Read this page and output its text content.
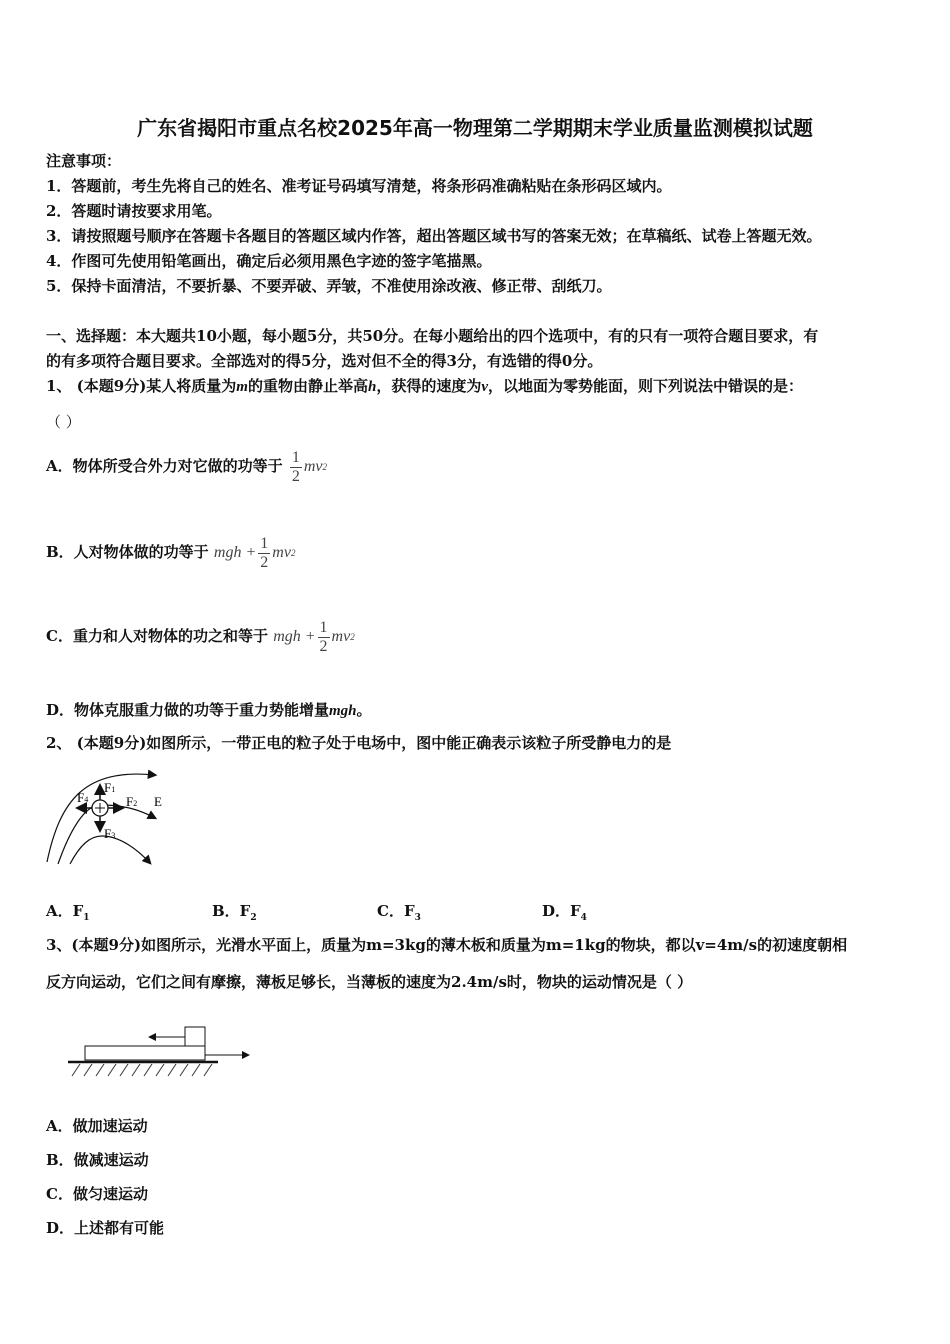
广东省揭阳市重点名校2025年高一物理第二学期期末学业质量监测模拟试题
注意事项：
1．答题前，考生先将自己的姓名、准考证号码填写清楚，将条形码准确粘贴在条形码区域内。
2．答题时请按要求用笔。
3．请按照题号顺序在答题卡各题目的答题区域内作答，超出答题区域书写的答案无效；在草稿纸、试卷上答题无效。
4．作图可先使用铅笔画出，确定后必须用黑色字迹的签字笔描黑。
5．保持卡面清洁，不要折暴、不要弄破、弄皱，不准使用涂改液、修正带、刮纸刀。
一、选择题：本大题共10小题，每小题5分，共50分。在每小题给出的四个选项中，有的只有一项符合题目要求，有
的有多项符合题目要求。全部选对的得5分，选对但不全的得3分，有选错的得0分。
1、 (本题9分)某人将质量为m的重物由静止举高h，获得的速度为v，以地面为零势能面，则下列说法中错误的是：
（ ）
A．物体所受合外力对它做的功等于 $\frac{1}{2}$ mv 2
B．人对物体做的功等于 mgh + $\frac{1}{2}$ mv 2
C．重力和人对物体的功之和等于 mgh + $\frac{1}{2}$ mv 2
D．物体克服重力做的功等于重力势能增量mgh。
2、 (本题9分)如图所示，一带正电的粒子处于电场中，图中能正确表示该粒子所受静电力的是
F1
F2
F3
F4	E
A．$F_1$	B．$F_2$	C．$F_3$	D．$F_4$
3、(本题9分)如图所示，光滑水平面上，质量为m=3kg的薄木板和质量为m=1kg的物块，都以v=4m/s的初速度朝相
反方向运动，它们之间有摩擦，薄板足够长，当薄板的速度为2.4m/s时，物块的运动情况是（ ）
A．做加速运动
B．做减速运动
C．做匀速运动
D．上述都有可能
